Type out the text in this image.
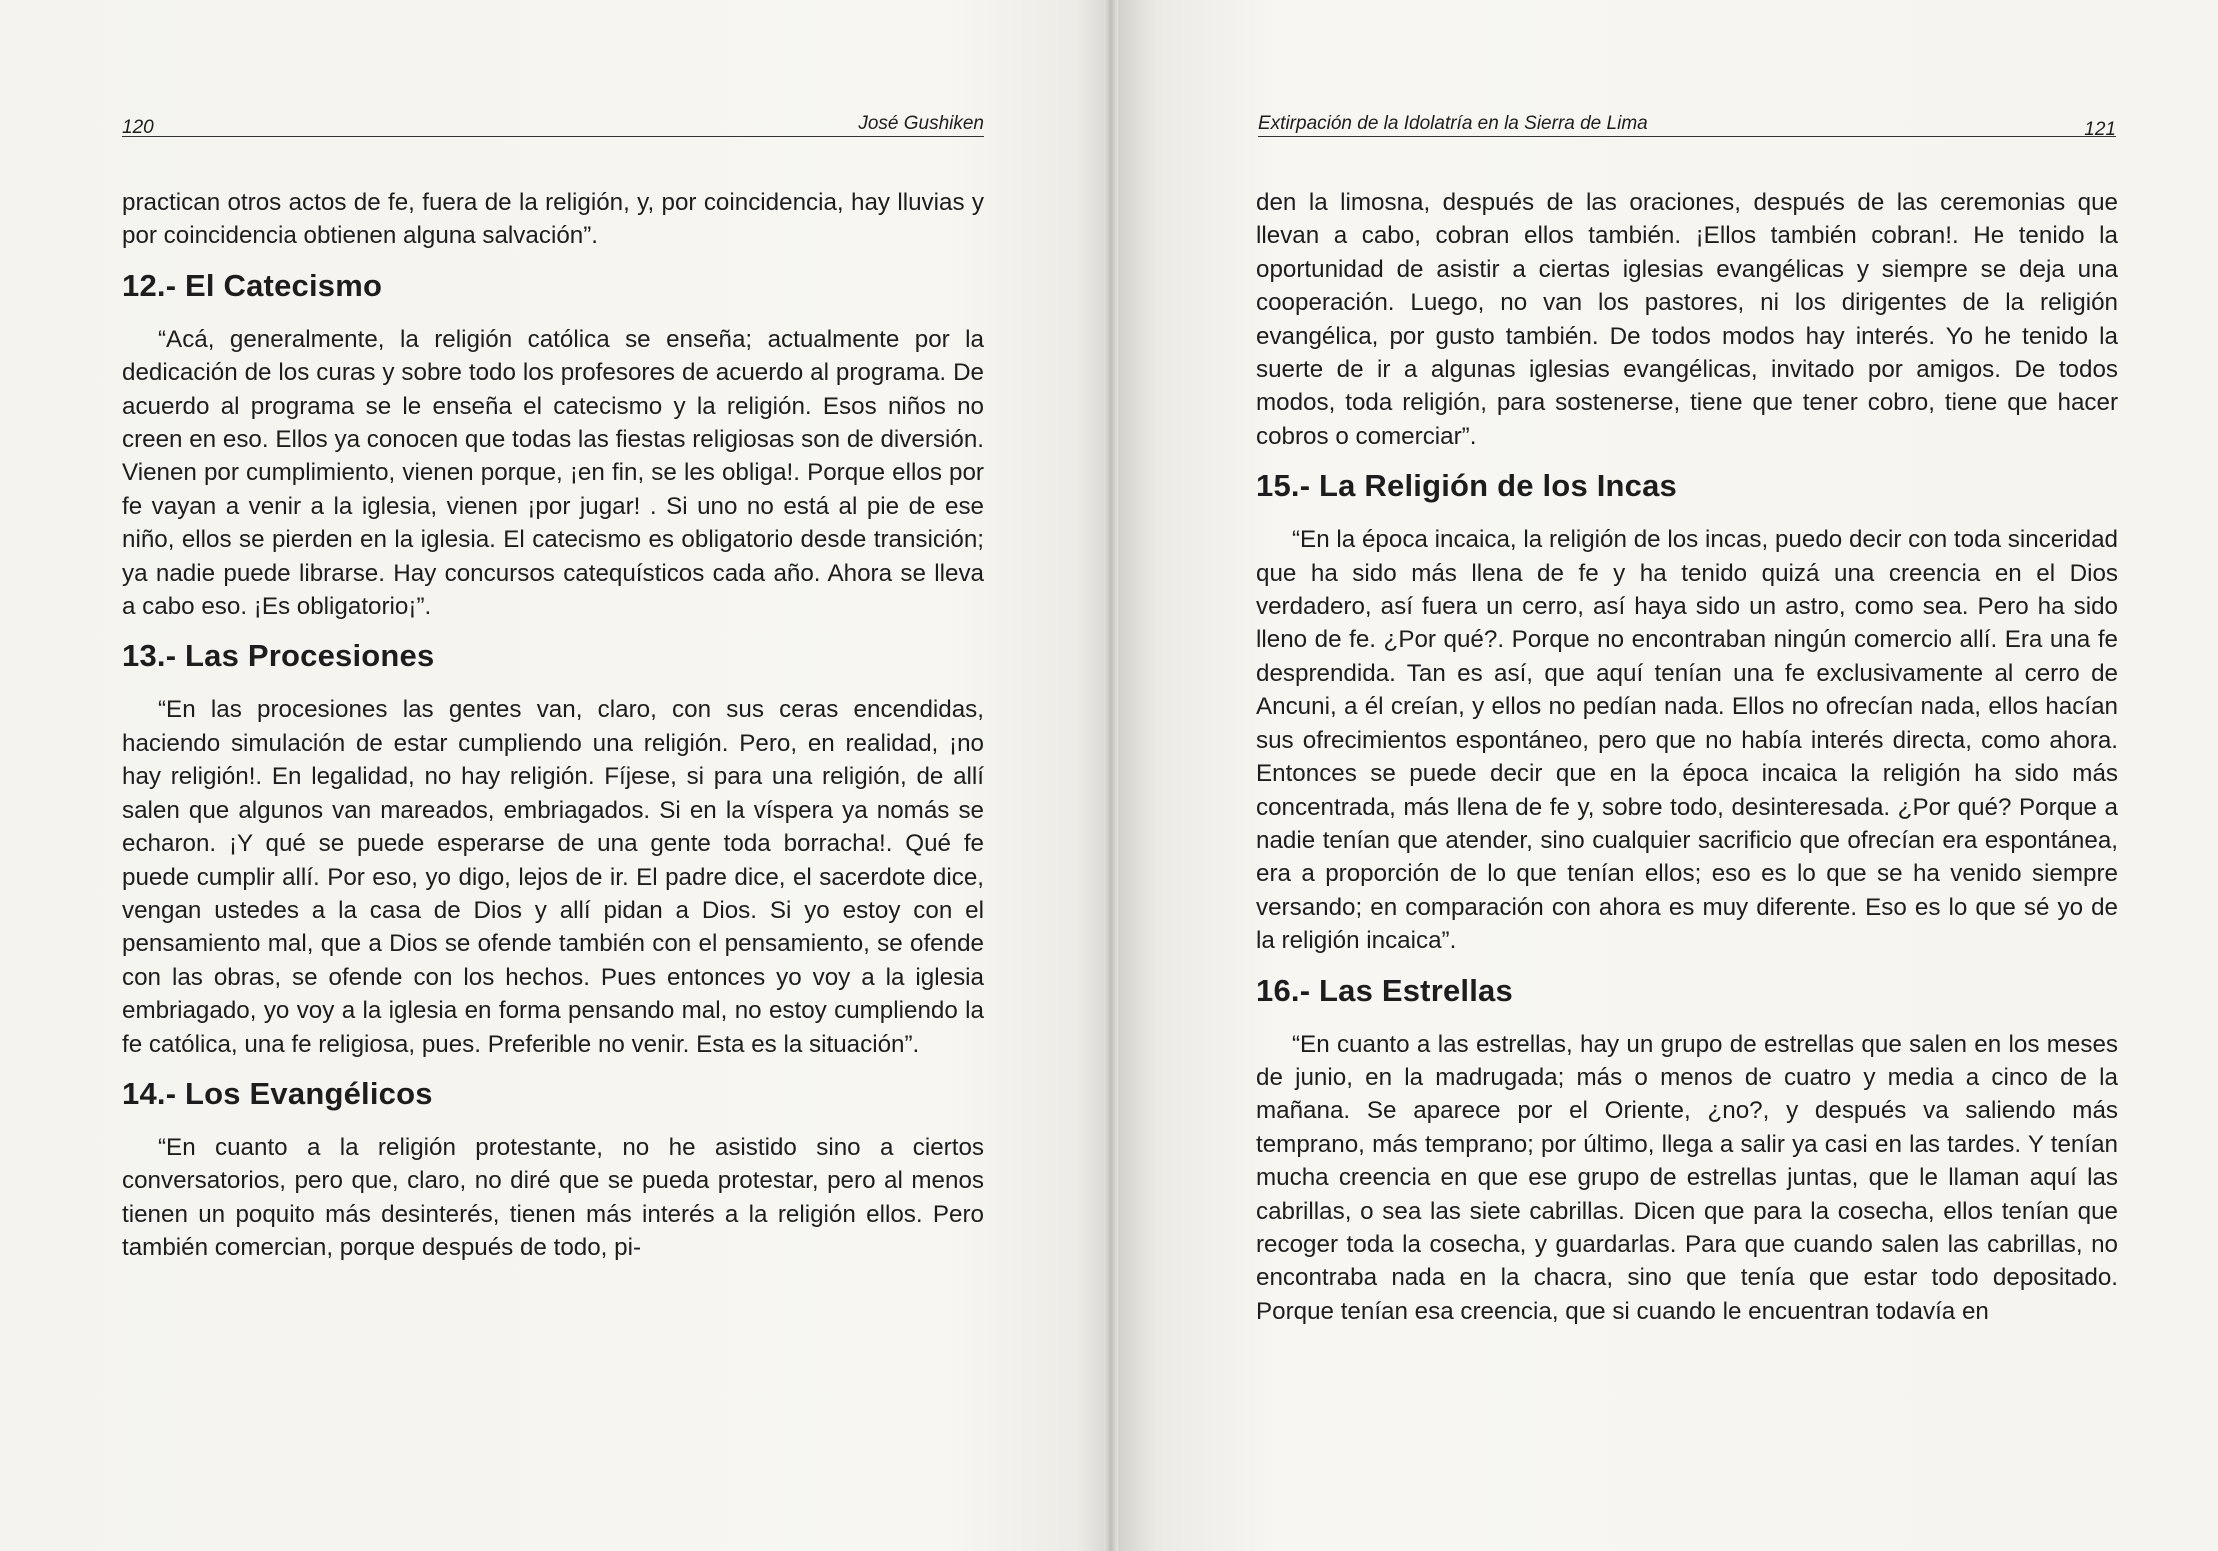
120	José Gushiken

practican otros actos de fe, fuera de la religión, y, por coincidencia, hay lluvias y por coincidencia obtienen alguna salvación”.

12.- El Catecismo

“Acá, generalmente, la religión católica se enseña; actualmente por la dedicación de los curas y sobre todo los profesores de acuerdo al programa. De acuerdo al programa se le enseña el catecismo y la religión. Esos niños no creen en eso. Ellos ya conocen que todas las fiestas religiosas son de diversión. Vienen por cumplimiento, vienen porque, ¡en fin, se les obliga!. Porque ellos por fe vayan a venir a la iglesia, vienen ¡por jugar! . Si uno no está al pie de ese niño, ellos se pierden en la iglesia. El catecismo es obligatorio desde transición; ya nadie puede librarse. Hay concursos catequísticos cada año. Ahora se lleva a cabo eso. ¡Es obligatorio¡”.

13.- Las Procesiones

“En las procesiones las gentes van, claro, con sus ceras encendidas, haciendo simulación de estar cumpliendo una religión. Pero, en realidad, ¡no hay religión!. En legalidad, no hay religión. Fíjese, si para una religión, de allí salen que algunos van mareados, embriagados. Si en la víspera ya nomás se echaron. ¡Y qué se puede esperarse de una gente toda borracha!. Qué fe puede cumplir allí. Por eso, yo digo, lejos de ir. El padre dice, el sacerdote dice, vengan ustedes a la casa de Dios y allí pidan a Dios. Si yo estoy con el pensamiento mal, que a Dios se ofende también con el pensamiento, se ofende con las obras, se ofende con los hechos. Pues entonces yo voy a la iglesia embriagado, yo voy a la iglesia en forma pensando mal, no estoy cumpliendo la fe católica, una fe religiosa, pues. Preferible no venir. Esta es la situación”.

14.- Los Evangélicos

“En cuanto a la religión protestante, no he asistido sino a ciertos conversatorios, pero que, claro, no diré que se pueda protestar, pero al menos tienen un poquito más desinterés, tienen más interés a la religión ellos. Pero también comercian, porque después de todo, pi-

Extirpación de la Idolatría en la Sierra de Lima	121

den la limosna, después de las oraciones, después de las ceremonias que llevan a cabo, cobran ellos también. ¡Ellos también cobran!. He tenido la oportunidad de asistir a ciertas iglesias evangélicas y siempre se deja una cooperación. Luego, no van los pastores, ni los dirigentes de la religión evangélica, por gusto también. De todos modos hay interés. Yo he tenido la suerte de ir a algunas iglesias evangélicas, invitado por amigos. De todos modos, toda religión, para sostenerse, tiene que tener cobro, tiene que hacer cobros o comerciar”.

15.- La Religión de los Incas

“En la época incaica, la religión de los incas, puedo decir con toda sinceridad que ha sido más llena de fe y ha tenido quizá una creencia en el Dios verdadero, así fuera un cerro, así haya sido un astro, como sea. Pero ha sido lleno de fe. ¿Por qué?. Porque no encontraban ningún comercio allí. Era una fe desprendida. Tan es así, que aquí tenían una fe exclusivamente al cerro de Ancuni, a él creían, y ellos no pedían nada. Ellos no ofrecían nada, ellos hacían sus ofrecimientos espontáneo, pero que no había interés directa, como ahora. Entonces se puede decir que en la época incaica la religión ha sido más concentrada, más llena de fe y, sobre todo, desinteresada. ¿Por qué? Porque a nadie tenían que atender, sino cualquier sacrificio que ofrecían era espontánea, era a proporción de lo que tenían ellos; eso es lo que se ha venido siempre versando; en comparación con ahora es muy diferente. Eso es lo que sé yo de la religión incaica”.

16.- Las Estrellas

“En cuanto a las estrellas, hay un grupo de estrellas que salen en los meses de junio, en la madrugada; más o menos de cuatro y media a cinco de la mañana. Se aparece por el Oriente, ¿no?, y después va saliendo más temprano, más temprano; por último, llega a salir ya casi en las tardes. Y tenían mucha creencia en que ese grupo de estrellas juntas, que le llaman aquí las cabrillas, o sea las siete cabrillas. Dicen que para la cosecha, ellos tenían que recoger toda la cosecha, y guardarlas. Para que cuando salen las cabrillas, no encontraba nada en la chacra, sino que tenía que estar todo depositado. Porque tenían esa creencia, que si cuando le encuentran todavía en
